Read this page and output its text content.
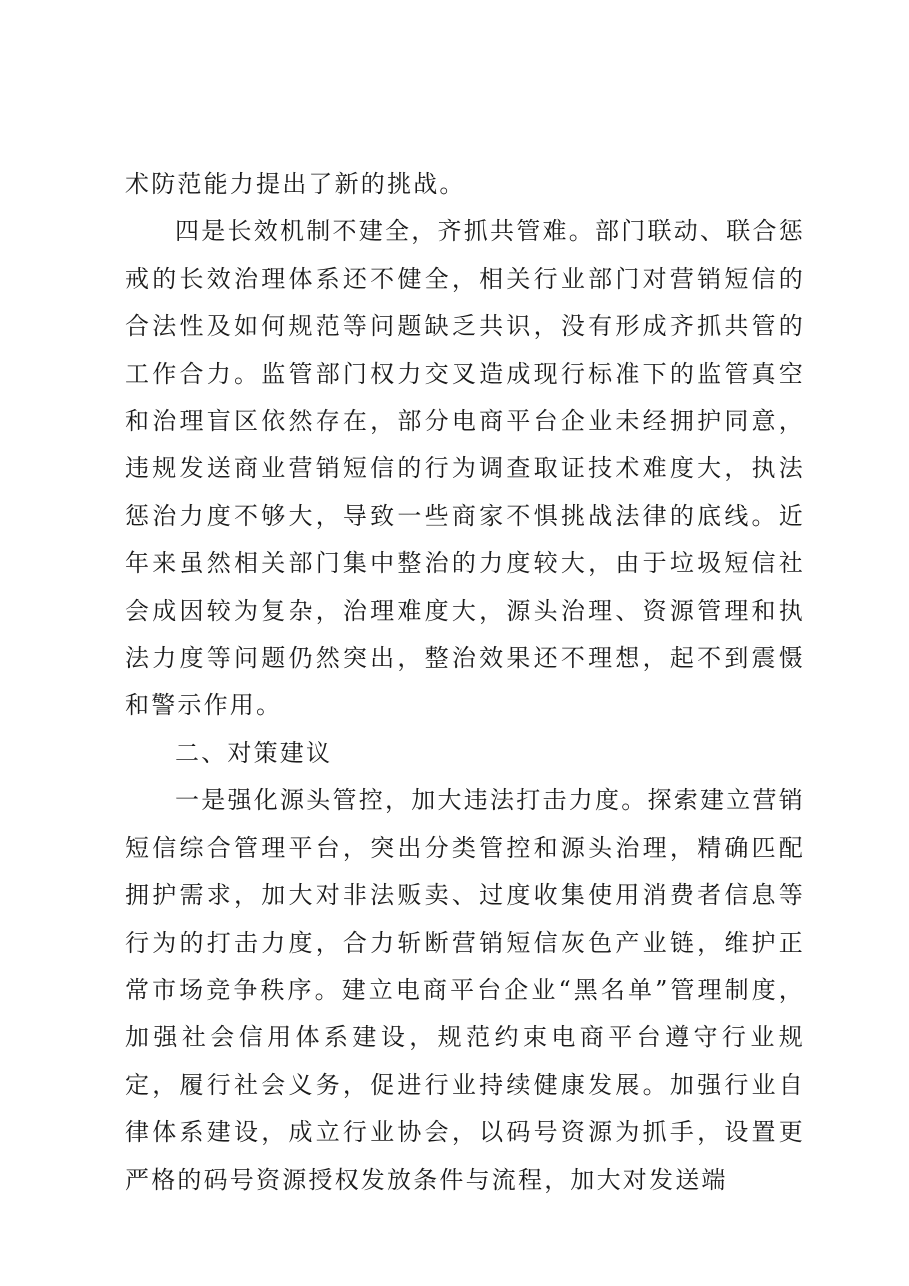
术防范能力提出了新的挑战。

四是长效机制不建全，齐抓共管难。部门联动、联合惩戒的长效治理体系还不健全，相关行业部门对营销短信的合法性及如何规范等问题缺乏共识，没有形成齐抓共管的工作合力。监管部门权力交叉造成现行标准下的监管真空和治理盲区依然存在，部分电商平台企业未经拥护同意，违规发送商业营销短信的行为调查取证技术难度大，执法惩治力度不够大，导致一些商家不惧挑战法律的底线。近年来虽然相关部门集中整治的力度较大，由于垃圾短信社会成因较为复杂，治理难度大，源头治理、资源管理和执法力度等问题仍然突出，整治效果还不理想，起不到震慑和警示作用。

二、对策建议

一是强化源头管控，加大违法打击力度。探索建立营销短信综合管理平台，突出分类管控和源头治理，精确匹配拥护需求，加大对非法贩卖、过度收集使用消费者信息等行为的打击力度，合力斩断营销短信灰色产业链，维护正常市场竞争秩序。建立电商平台企业“黑名单”管理制度，加强社会信用体系建设，规范约束电商平台遵守行业规定，履行社会义务，促进行业持续健康发展。加强行业自律体系建设，成立行业协会，以码号资源为抓手，设置更严格的码号资源授权发放条件与流程，加大对发送端
